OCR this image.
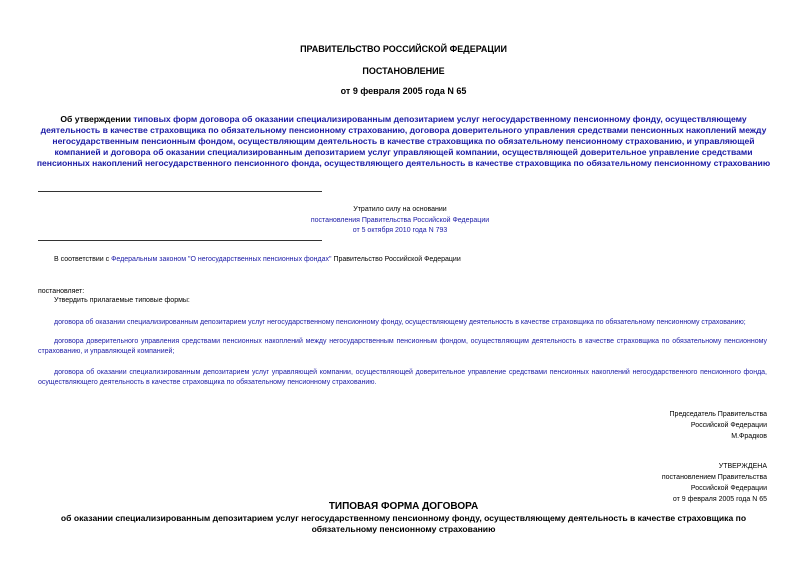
ПРАВИТЕЛЬСТВО РОССИЙСКОЙ ФЕДЕРАЦИИ
ПОСТАНОВЛЕНИЕ
от 9 февраля 2005 года N 65
Об утверждении типовых форм договора об оказании специализированным депозитарием услуг негосударственному пенсионному фонду, осуществляющему деятельность в качестве страховщика по обязательному пенсионному страхованию, договора доверительного управления средствами пенсионных накоплений между негосударственным пенсионным фондом, осуществляющим деятельность в качестве страховщика по обязательному пенсионному страхованию, и управляющей компанией и договора об оказании специализированным депозитарием услуг управляющей компании, осуществляющей доверительное управление средствами пенсионных накоплений негосударственного пенсионного фонда, осуществляющего деятельность в качестве страховщика по обязательному пенсионному страхованию
Утратило силу на основании
постановления Правительства Российской Федерации
от 5 октября 2010 года N 793
В соответствии с Федеральным законом "О негосударственных пенсионных фондах" Правительство Российской Федерации
постановляет:
Утвердить прилагаемые типовые формы:
договора об оказании специализированным депозитарием услуг негосударственному пенсионному фонду, осуществляющему деятельность в качестве страховщика по обязательному пенсионному страхованию;
договора доверительного управления средствами пенсионных накоплений между негосударственным пенсионным фондом, осуществляющим деятельность в качестве страховщика по обязательному пенсионному страхованию, и управляющей компанией;
договора об оказании специализированным депозитарием услуг управляющей компании, осуществляющей доверительное управление средствами пенсионных накоплений негосударственного пенсионного фонда, осуществляющего деятельность в качестве страховщика по обязательному пенсионному страхованию.
Председатель Правительства
Российской Федерации
М.Фрадков
УТВЕРЖДЕНА
постановлением Правительства
Российской Федерации
от 9 февраля 2005 года N 65
ТИПОВАЯ ФОРМА ДОГОВОРА
об оказании специализированным депозитарием услуг негосударственному пенсионному фонду, осуществляющему деятельность в качестве страховщика по обязательному пенсионному страхованию
